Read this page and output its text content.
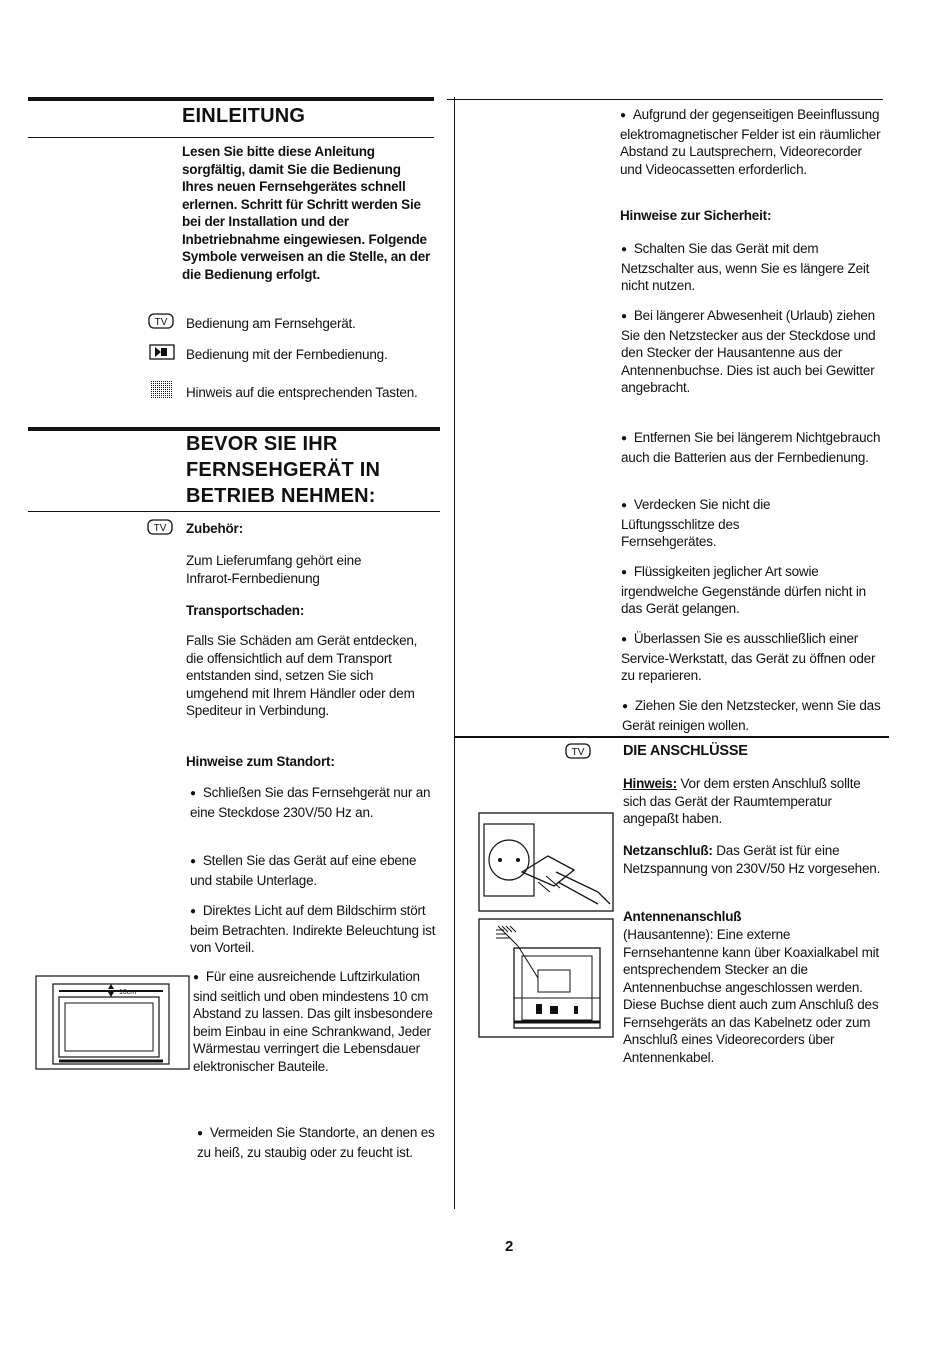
EINLEITUNG
Lesen Sie bitte diese Anleitung sorgfältig, damit Sie die Bedienung Ihres neuen Fernsehgerätes schnell erlernen. Schritt für Schritt werden Sie bei der Installation und der Inbetriebnahme eingewiesen. Folgende Symbole verweisen an die Stelle, an der die Bedienung erfolgt.
TV Bedienung am Fernsehgerät.
Bedienung mit der Fernbedienung.
Hinweis auf die entsprechenden Tasten.
BEVOR SIE IHR
FERNSEHGERÄT IN
BETRIEB NEHMEN:
TV Zubehör:
Zum Lieferumfang gehört eine Infrarot-Fernbedienung
Transportschaden:
Falls Sie Schäden am Gerät entdecken, die offensichtlich auf dem Transport entstanden sind, setzen Sie sich umgehend mit Ihrem Händler oder dem Spediteur in Verbindung.
Hinweise zum Standort:
● Schließen Sie das Fernsehgerät nur an eine Steckdose 230V/50 Hz an.
● Stellen Sie das Gerät auf eine ebene und stabile Unterlage.
● Direktes Licht auf dem Bildschirm stört beim Betrachten. Indirekte Beleuchtung ist von Vorteil.
● Für eine ausreichende Luftzirkulation sind seitlich und oben mindestens 10 cm Abstand zu lassen. Das gilt insbesondere beim Einbau in eine Schrankwand, Jeder Wärmestau verringert die Lebensdauer elektronischer Bauteile.
● Vermeiden Sie Standorte, an denen es zu heiß, zu staubig oder zu feucht ist.
10cm
● Aufgrund der gegenseitigen Beeinflussung elektromagnetischer Felder ist ein räumlicher Abstand zu Lautsprechern, Videorecorder und Videocassetten erforderlich.
Hinweise zur Sicherheit:
● Schalten Sie das Gerät mit dem Netzschalter aus, wenn Sie es längere Zeit nicht nutzen.
● Bei längerer Abwesenheit (Urlaub) ziehen Sie den Netzstecker aus der Steckdose und den Stecker der Hausantenne aus der Antennenbuchse. Dies ist auch bei Gewitter angebracht.
● Entfernen Sie bei längerem Nichtgebrauch auch die Batterien aus der Fernbedienung.
● Verdecken Sie nicht die Lüftungsschlitze des Fernsehgerätes.
● Flüssigkeiten jeglicher Art sowie irgendwelche Gegenstände dürfen nicht in das Gerät gelangen.
● Überlassen Sie es ausschließlich einer Service-Werkstatt, das Gerät zu öffnen oder zu reparieren.
● Ziehen Sie den Netzstecker, wenn Sie das Gerät reinigen wollen.
TV	DIE ANSCHLÜSSE
Hinweis: Vor dem ersten Anschluß sollte sich das Gerät der Raumtemperatur angepaßt haben.
Netzanschluß: Das Gerät ist für eine Netzspannung von 230V/50 Hz vorgesehen.
Antennenanschluß
(Hausantenne): Eine externe Fernsehantenne kann über Koaxialkabel mit entsprechendem Stecker an die Antennenbuchse angeschlossen werden. Diese Buchse dient auch zum Anschluß des Fernsehgeräts an das Kabelnetz oder zum Anschluß eines Videorecorders über Antennenkabel.
2
